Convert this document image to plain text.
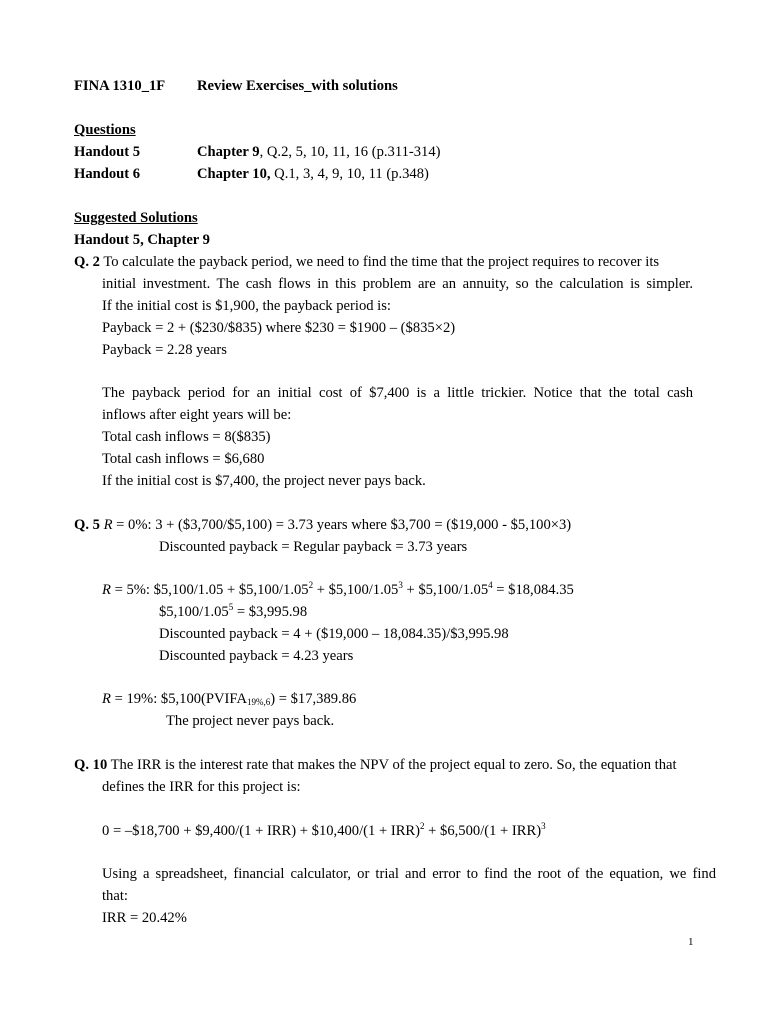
FINA 1310_1F Review Exercises_with solutions
Questions
Handout 5	Chapter 9, Q.2, 5, 10, 11, 16 (p.311-314)
Handout 6	Chapter 10, Q.1, 3, 4, 9, 10, 11 (p.348)
Suggested Solutions
Handout 5, Chapter 9
Q. 2 To calculate the payback period, we need to find the time that the project requires to recover its
initial investment. The cash flows in this problem are an annuity, so the calculation is simpler.
If the initial cost is $1,900, the payback period is:
Payback = 2 + ($230/$835) where $230 = $1900 – ($835×2)
Payback = 2.28 years
The payback period for an initial cost of $7,400 is a little trickier. Notice that the total cash
inflows after eight years will be:
Total cash inflows = 8($835)
Total cash inflows = $6,680
If the initial cost is $7,400, the project never pays back.
Q. 5 R = 0%: 3 + ($3,700/$5,100) = 3.73 years where $3,700 = ($19,000 - $5,100×3)
Discounted payback = Regular payback = 3.73 years
R = 5%: $5,100/1.05 + $\$5,100/1.05^2$ + $\$5,100/1.05^3$ + $\$5,100/1.05^4$ = $18,084.35
$\$5,100/1.05^5$ = $3,995.98
Discounted payback = 4 + ($19,000 – 18,084.35)/$3,995.98
Discounted payback = 4.23 years
R = 19%: $\$5,100(PVIFA_{19\%,6})$ = $17,389.86
The project never pays back.
Q. 10 The IRR is the interest rate that makes the NPV of the project equal to zero. So, the equation that
defines the IRR for this project is:
0 = –$18,700 + $9,400/(1 + IRR) + $10,400/(1 + IRR)$^2$ + $6,500/(1 + IRR)$^3$
Using a spreadsheet, financial calculator, or trial and error to find the root of the equation, we find
that:
IRR = 20.42%
1
